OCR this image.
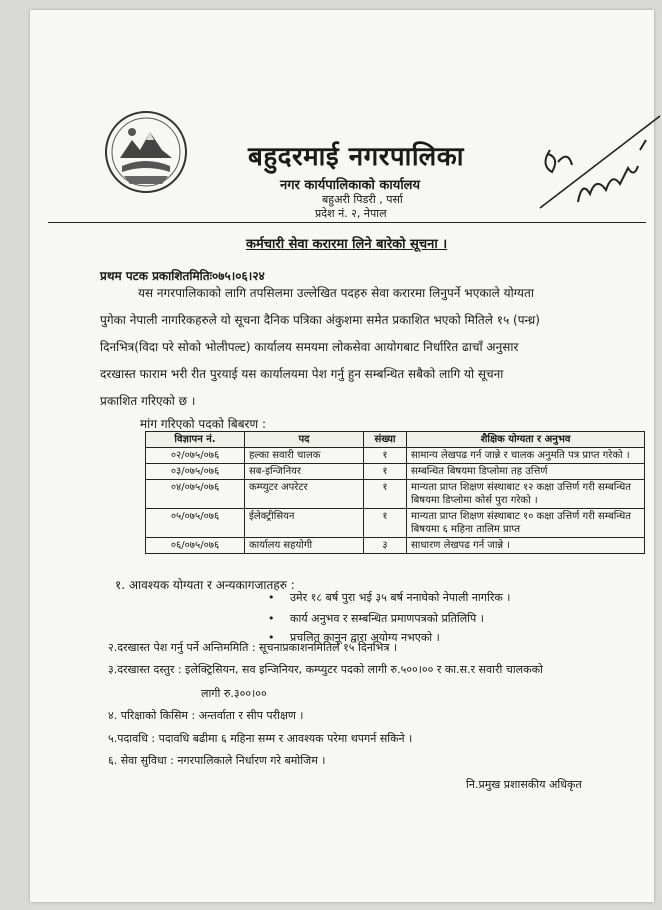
बहुदरमाई नगरपालिका
नगर कार्यपालिकाको कार्यालय
बहुअरी पिडरी , पर्सा
प्रदेश नं. २, नेपाल
कर्मचारी सेवा करारमा लिने बारेको सूचना ।
प्रथम पटक प्रकाशितमितिः०७५।०६।२४
यस नगरपालिकाको लागि तपसिलमा उल्लेखित पदहरु सेवा करारमा लिनुपर्ने भएकाले योग्यता
पुगेका नेपाली नागरिकहरुले यो सूचना दैनिक पत्रिका अंकुशमा समेत प्रकाशित भएको मितिले १५ (पन्ध्र)
दिनभित्र(विदा परे सोको भोलीपल्ट) कार्यालय समयमा लोकसेवा आयोगबाट निर्धारित ढाचाँ अनुसार
दरखास्त फाराम भरी रीत पुरयाई यस कार्यालयमा पेश गर्नु हुन सम्बन्धित सबैको लागि यो सूचना
प्रकाशित गरिएको छ ।
मांग गरिएको पदको बिबरण :
विज्ञापन नं.	पद	संख्या	शैक्षिक योग्यता र अनुभव
०२/०७५/०७६	हल्का सवारी चालक	१	सामान्य लेखपढ गर्न जान्ने र चालक अनुमति पत्र प्राप्त गरेको ।
०३/०७५/०७६	सब-इन्जिनियर	१	सम्बन्धित बिषयमा डिप्लोमा तह उत्तिर्ण
०४/०७५/०७६	कम्प्युटर अपरेटर	१	मान्यता प्राप्त शिक्षण संस्थाबाट १२ कक्षा उत्तिर्ण गरी सम्बन्धित बिषयमा डिप्लोमा कोर्स पुरा गरेको ।
०५/०७५/०७६	ईलेक्ट्रीसियन	१	मान्यता प्राप्त शिक्षण संस्थाबाट १० कक्षा उत्तिर्ण गरी सम्बन्धित बिषयमा ६ महिना तालिम प्राप्त
०६/०७५/०७६	कार्यालय सहयोगी	३	साधारण लेखपढ गर्न जान्ने ।
१. आवश्यक योग्यता र अन्यकागजातहरु :
• उमेर १८ बर्ष पुरा भई ३५ बर्ष ननाघेको नेपाली नागरिक ।
• कार्य अनुभव र सम्बन्धित प्रमाणपत्रको प्रतिलिपि ।
• प्रचलित कानून द्वारा अयोग्य नभएको ।
२.दरखास्त पेश गर्नु पर्ने अन्तिममिति : सूचनाप्रकाशनमितिले १५ दिनभित्र ।
३.दरखास्त दस्तुर : इलेक्ट्रिसियन, सव इन्जिनियर, कम्प्युटर पदको लागी रु.५००।०० र का.स.र सवारी चालकको
लागी रु.३००।००
४. परिक्षाको किसिम : अन्तर्वाता र सीप परीक्षण ।
५.पदावधि : पदावधि बढीमा ६ महिना सम्म र आवश्यक परेमा थपगर्न सकिने ।
६. सेवा सुविधा : नगरपालिकाले निर्धारण गरे बमोजिम ।
नि.प्रमुख प्रशासकीय अधिकृत
